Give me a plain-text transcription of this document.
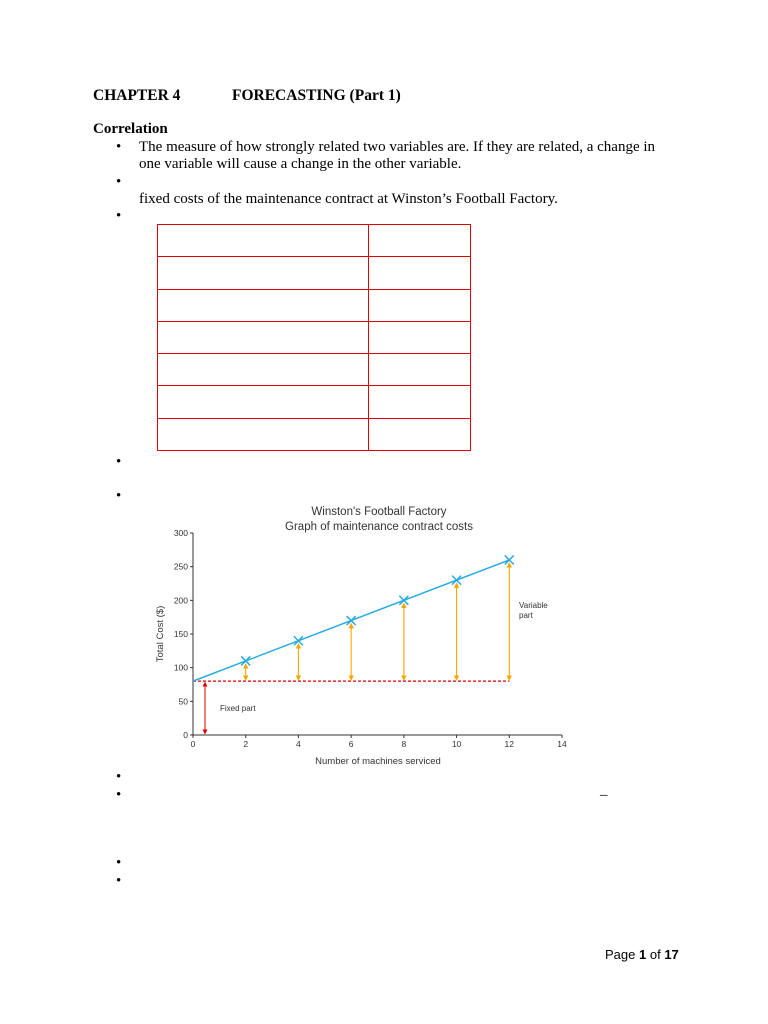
CHAPTER 4	FORECASTING (Part 1)
Correlation
• The measure of how strongly related two variables are. If they are related, a change in
one variable will cause a change in the other variable.
•
fixed costs of the maintenance contract at Winston’s Football Factory.
•

•
•
Winston's Football Factory
Graph of maintenance contract costs
0	2	4	6	8	10	12	14
0
50
100
150
200
250
300
Number of machines serviced
Total Cost ($)
Fixed part
Variable
part
•
•	–
•
•
Page 1 of 17
